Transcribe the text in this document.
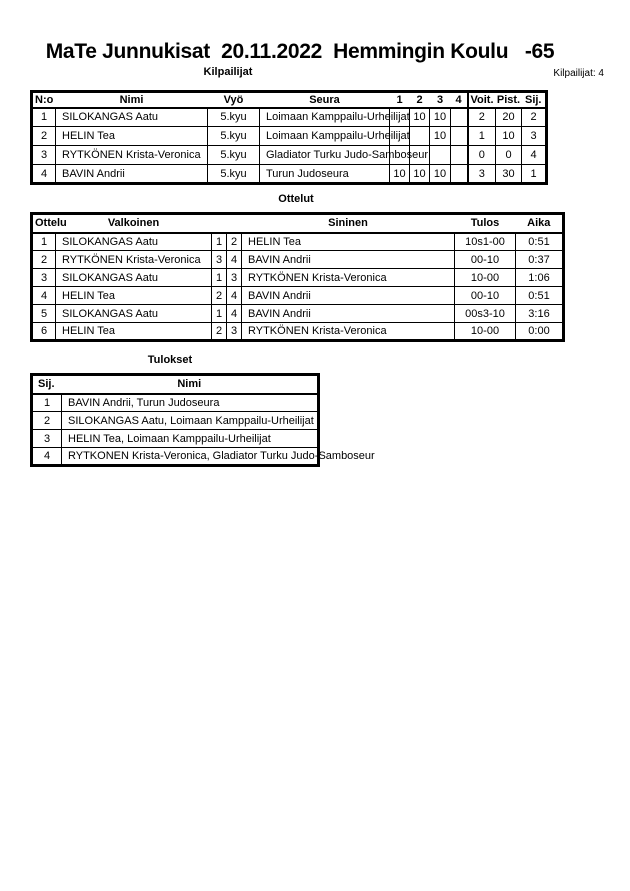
MaTe Junnukisat  20.11.2022  Hemmingin Koulu   -65
Kilpailijat	Kilpailijat: 4
N:o	Nimi	Vyö	Seura	1	2	3	4	Voit.	Pist.	Sij.
1	SILOKANGAS Aatu	5.kyu	Loimaan Kamppailu-Urheilijat		10	10		2	20	2
2	HELIN Tea	5.kyu	Loimaan Kamppailu-Urheilijat			10		1	10	3
3	RYTKÖNEN Krista-Veronica	5.kyu	Gladiator Turku Judo-Samboseur					0	0	4
4	BAVIN Andrii	5.kyu	Turun Judoseura	10	10	10		3	30	1
Ottelut
Ottelu	Valkoinen			Sininen	Tulos	Aika
1	SILOKANGAS Aatu	1	2	HELIN Tea	10s1-00	0:51
2	RYTKÖNEN Krista-Veronica	3	4	BAVIN Andrii	00-10	0:37
3	SILOKANGAS Aatu	1	3	RYTKÖNEN Krista-Veronica	10-00	1:06
4	HELIN Tea	2	4	BAVIN Andrii	00-10	0:51
5	SILOKANGAS Aatu	1	4	BAVIN Andrii	00s3-10	3:16
6	HELIN Tea	2	3	RYTKÖNEN Krista-Veronica	10-00	0:00
Tulokset
Sij.	Nimi
1	BAVIN Andrii, Turun Judoseura
2	SILOKANGAS Aatu, Loimaan Kamppailu-Urheilijat
3	HELIN Tea, Loimaan Kamppailu-Urheilijat
4	RYTKONEN Krista-Veronica, Gladiator Turku Judo-Samboseur
